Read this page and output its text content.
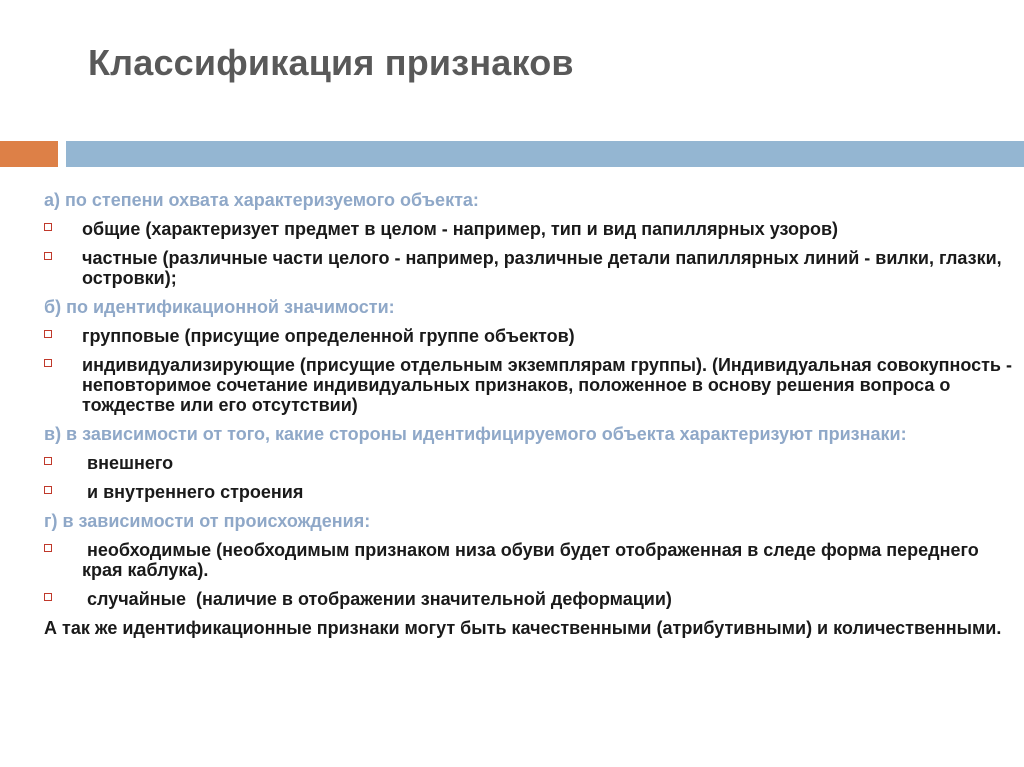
Классификация признаков
а) по степени охвата характеризуемого объекта:
общие (характеризует предмет в целом - например, тип и вид папиллярных узоров)
частные (различные части целого - например, различные детали папиллярных линий - вилки, глазки, островки);
б) по идентификационной значимости:
групповые (присущие определенной группе объектов)
индивидуализирующие (присущие отдельным экземплярам группы). (Индивидуальная совокупность - неповторимое сочетание индивидуальных признаков, положенное в основу решения вопроса о тождестве или его отсутствии)
в) в зависимости от того, какие стороны идентифицируемого объекта характеризуют признаки:
внешнего
и внутреннего строения
г) в зависимости от происхождения:
необходимые (необходимым признаком низа обуви будет отображенная в следе форма переднего края каблука).
случайные  (наличие в отображении значительной деформации)
А так же идентификационные признаки могут быть качественными (атрибутивными) и количественными.
